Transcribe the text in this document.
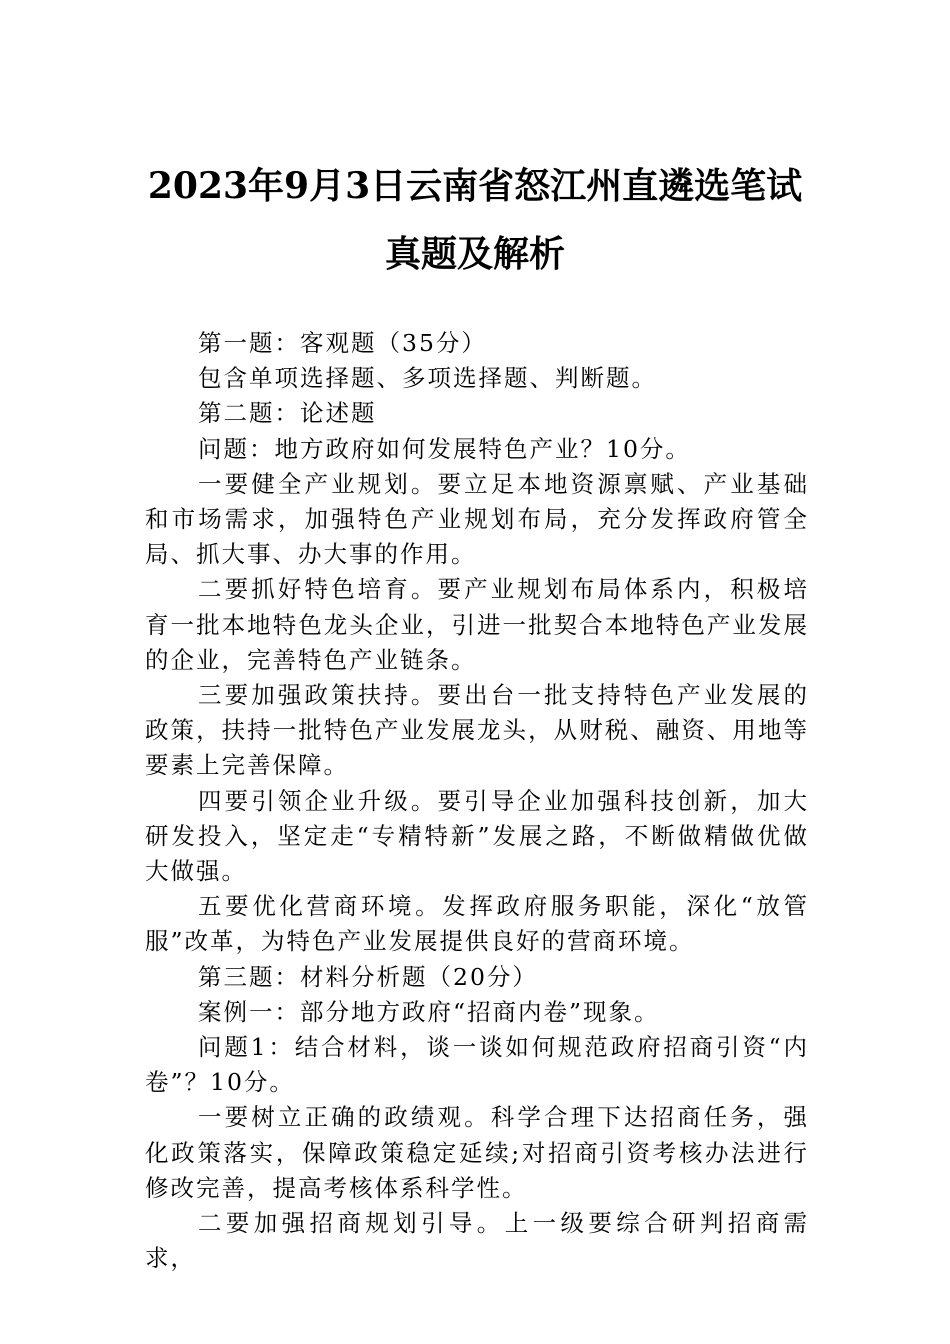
2023年9月3日云南省怒江州直遴选笔试
真题及解析

第一题：客观题（35分）

包含单项选择题、多项选择题、判断题。

第二题：论述题

问题：地方政府如何发展特色产业？10分。

一要健全产业规划。要立足本地资源禀赋、产业基础和市场需求，加强特色产业规划布局，充分发挥政府管全局、抓大事、办大事的作用。

二要抓好特色培育。要产业规划布局体系内，积极培育一批本地特色龙头企业，引进一批契合本地特色产业发展的企业，完善特色产业链条。

三要加强政策扶持。要出台一批支持特色产业发展的政策，扶持一批特色产业发展龙头，从财税、融资、用地等要素上完善保障。

四要引领企业升级。要引导企业加强科技创新，加大研发投入，坚定走“专精特新”发展之路，不断做精做优做大做强。

五要优化营商环境。发挥政府服务职能，深化“放管服”改革，为特色产业发展提供良好的营商环境。

第三题：材料分析题（20分）

案例一：部分地方政府“招商内卷”现象。

问题1：结合材料，谈一谈如何规范政府招商引资“内卷”？10分。

一要树立正确的政绩观。科学合理下达招商任务，强化政策落实，保障政策稳定延续;对招商引资考核办法进行修改完善，提高考核体系科学性。

二要加强招商规划引导。上一级要综合研判招商需求，
